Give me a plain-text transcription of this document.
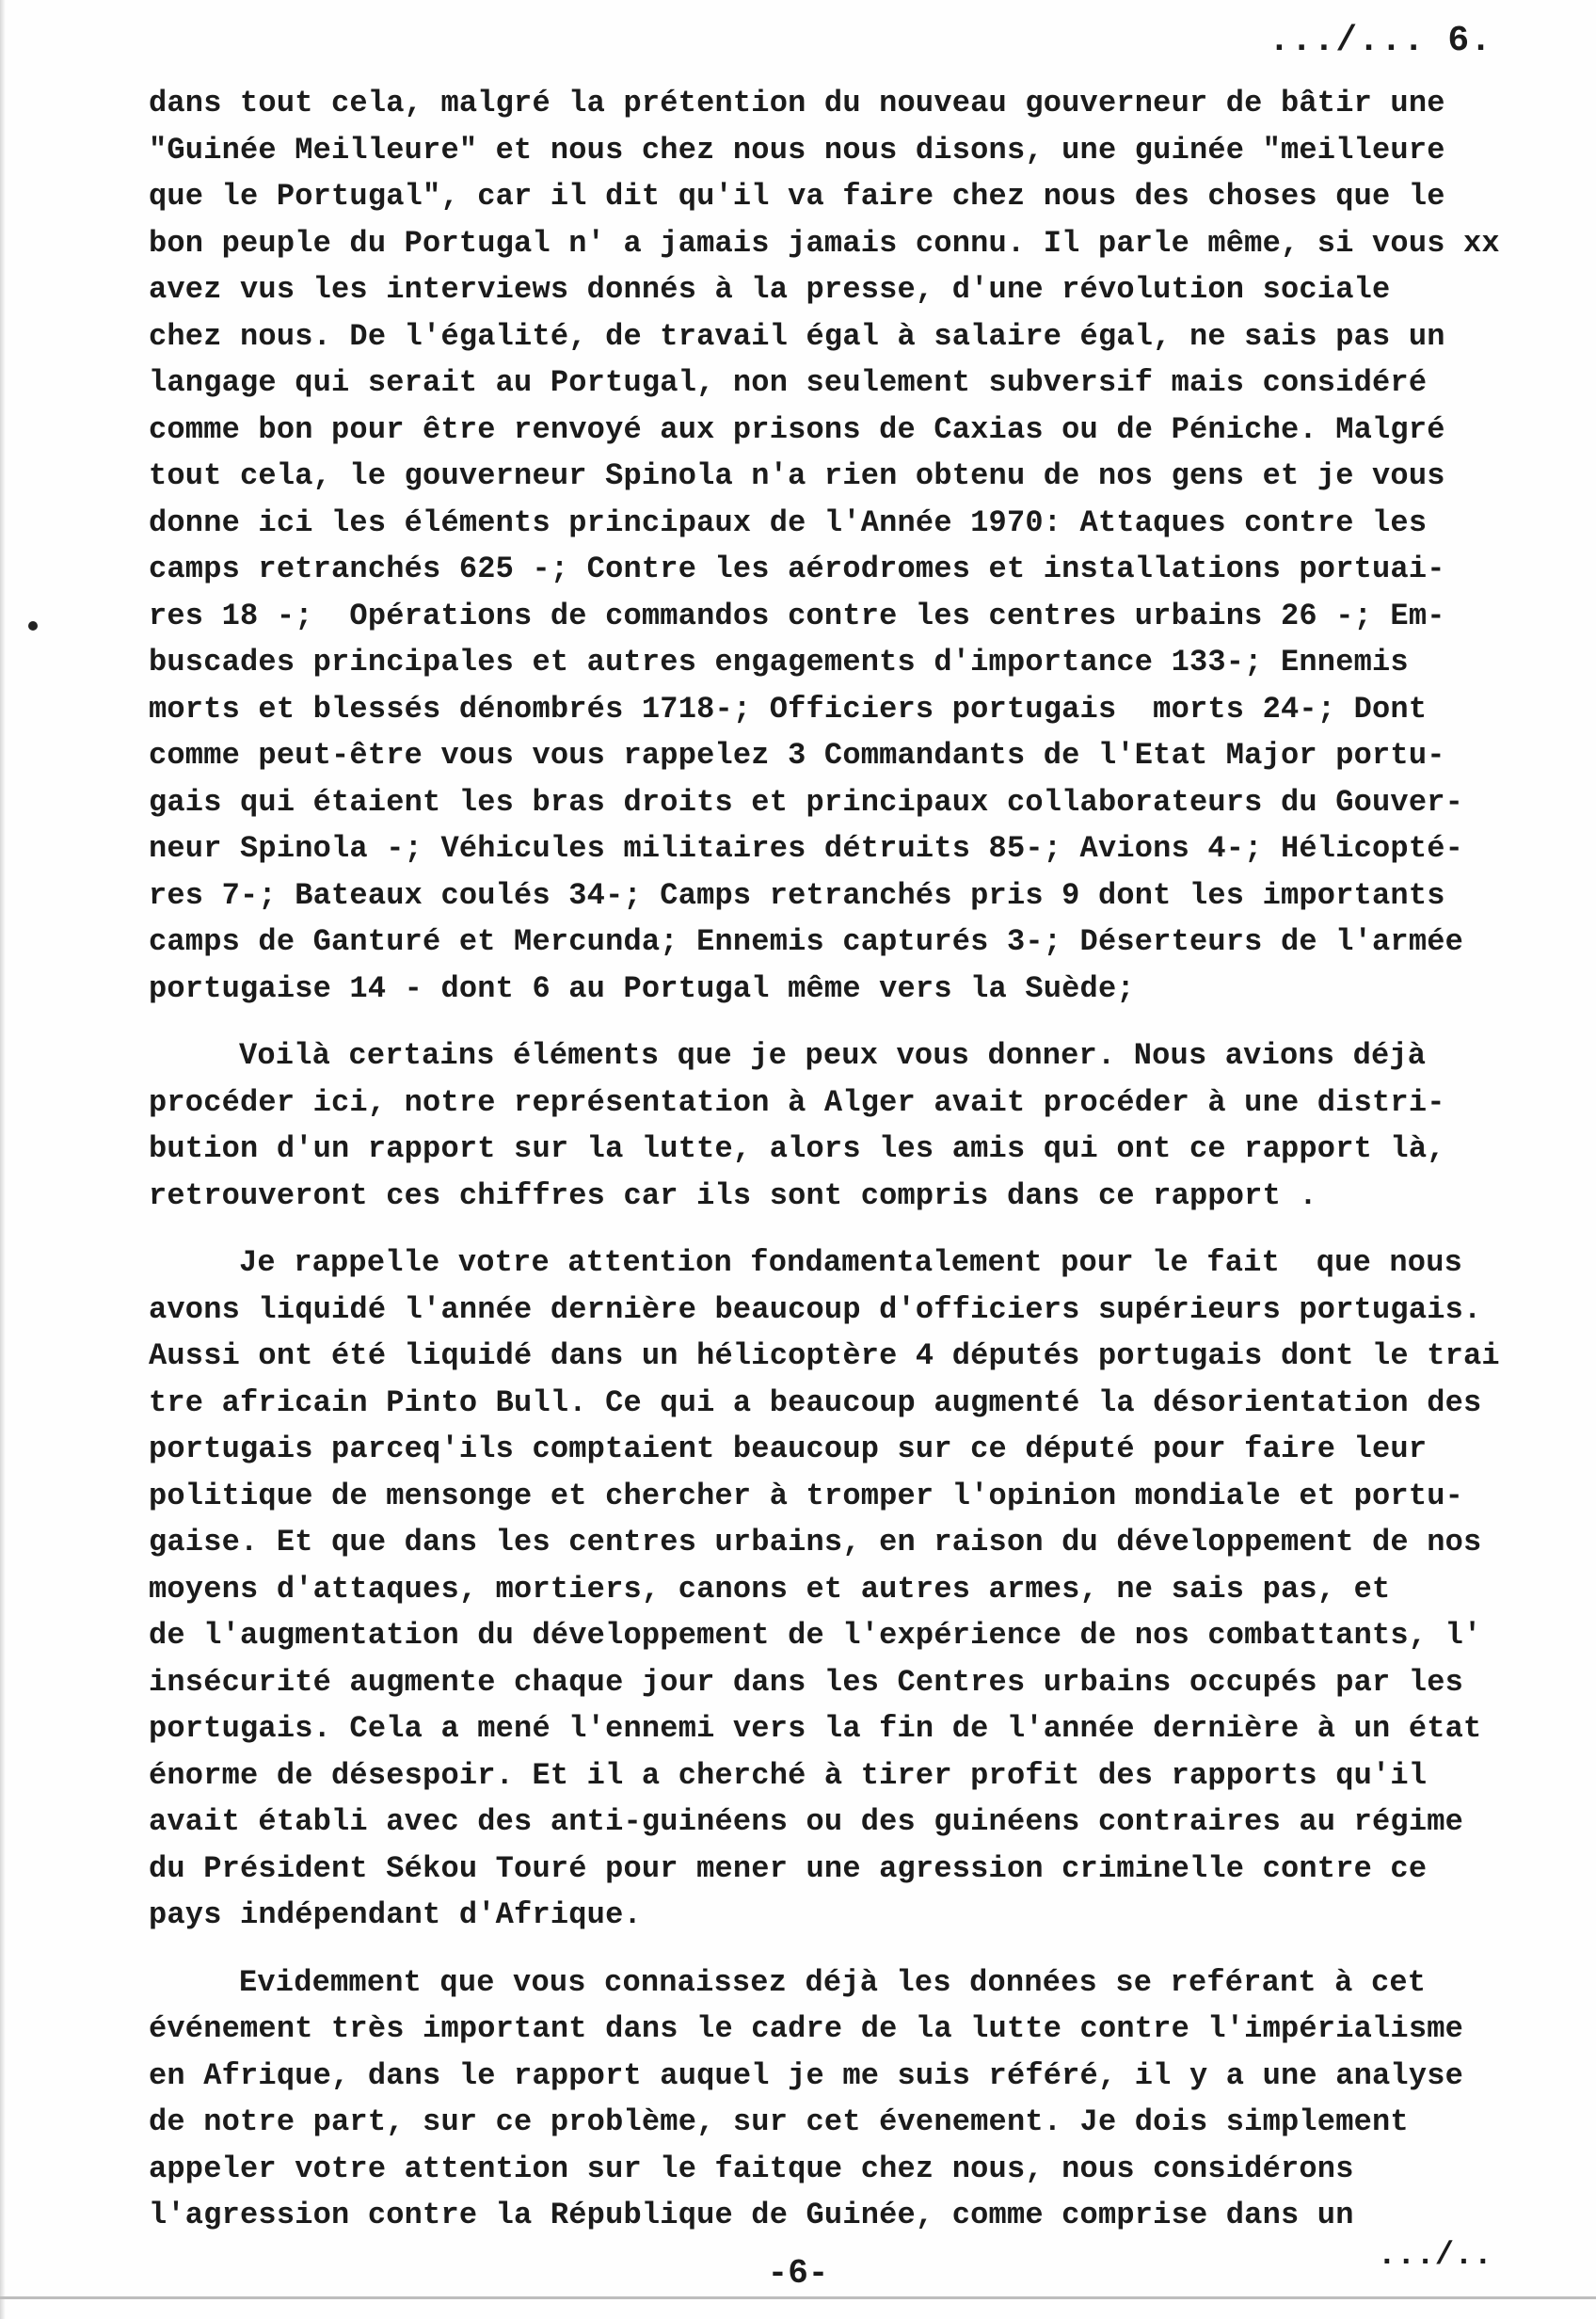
.../... 6.
dans tout cela, malgré la prétention du nouveau gouverneur de bâtir une
"Guinée Meilleure" et nous chez nous nous disons, une guinée "meilleure
que le Portugal", car il dit qu'il va faire chez nous des choses que le
bon peuple du Portugal n' a jamais jamais connu. Il parle même, si vous xx
avez vus les interviews donnés à la presse, d'une révolution sociale
chez nous. De l'égalité, de travail égal à salaire égal, ne sais pas un
langage qui serait au Portugal, non seulement subversif mais considéré
comme bon pour être renvoyé aux prisons de Caxias ou de Péniche. Malgré
tout cela, le gouverneur Spinola n'a rien obtenu de nos gens et je vous
donne ici les éléments principaux de l'Année 1970: Attaques contre les
camps retranchés 625 -; Contre les aérodromes et installations portuai-
res 18 -;  Opérations de commandos contre les centres urbains 26 -; Em-
buscades principales et autres engagements d'importance 133-; Ennemis
morts et blessés dénombrés 1718-; Officiers portugais  morts 24-; Dont
comme peut-être vous vous rappelez 3 Commandants de l'Etat Major portu-
gais qui étaient les bras droits et principaux collaborateurs du Gouver-
neur Spinola -; Véhicules militaires détruits 85-; Avions 4-; Hélicopté-
res 7-; Bateaux coulés 34-; Camps retranchés pris 9 dont les importants
camps de Ganturé et Mercunda; Ennemis capturés 3-; Déserteurs de l'armée
portugaise 14 - dont 6 au Portugal même vers la Suède;
Voilà certains éléments que je peux vous donner. Nous avions déjà
procéder ici, notre représentation à Alger avait procéder à une distri-
bution d'un rapport sur la lutte, alors les amis qui ont ce rapport là,
retrouveront ces chiffres car ils sont compris dans ce rapport .
Je rappelle votre attention fondamentalement pour le fait  que nous
avons liquidé l'année dernière beaucoup d'officiers supérieurs portugais.
Aussi ont été liquidé dans un hélicoptère 4 députés portugais dont le trai
tre africain Pinto Bull. Ce qui a beaucoup augmenté la désorientation des
portugais parceq'ils comptaient beaucoup sur ce député pour faire leur
politique de mensonge et chercher à tromper l'opinion mondiale et portu-
gaise. Et que dans les centres urbains, en raison du développement de nos
moyens d'attaques, mortiers, canons et autres armes, ne sais pas, et
de l'augmentation du développement de l'expérience de nos combattants, l'
insécurité augmente chaque jour dans les Centres urbains occupés par les
portugais. Cela a mené l'ennemi vers la fin de l'année dernière à un état
énorme de désespoir. Et il a cherché à tirer profit des rapports qu'il
avait établi avec des anti-guinéens ou des guinéens contraires au régime
du Président Sékou Touré pour mener une agression criminelle contre ce
pays indépendant d'Afrique.
Evidemment que vous connaissez déjà les données se reférant à cet
événement très important dans le cadre de la lutte contre l'impérialisme
en Afrique, dans le rapport auquel je me suis référé, il y a une analyse
de notre part, sur ce problème, sur cet évenement. Je dois simplement
appeler votre attention sur le faitque chez nous, nous considérons
l'agression contre la République de Guinée, comme comprise dans un
.../..
-6-
